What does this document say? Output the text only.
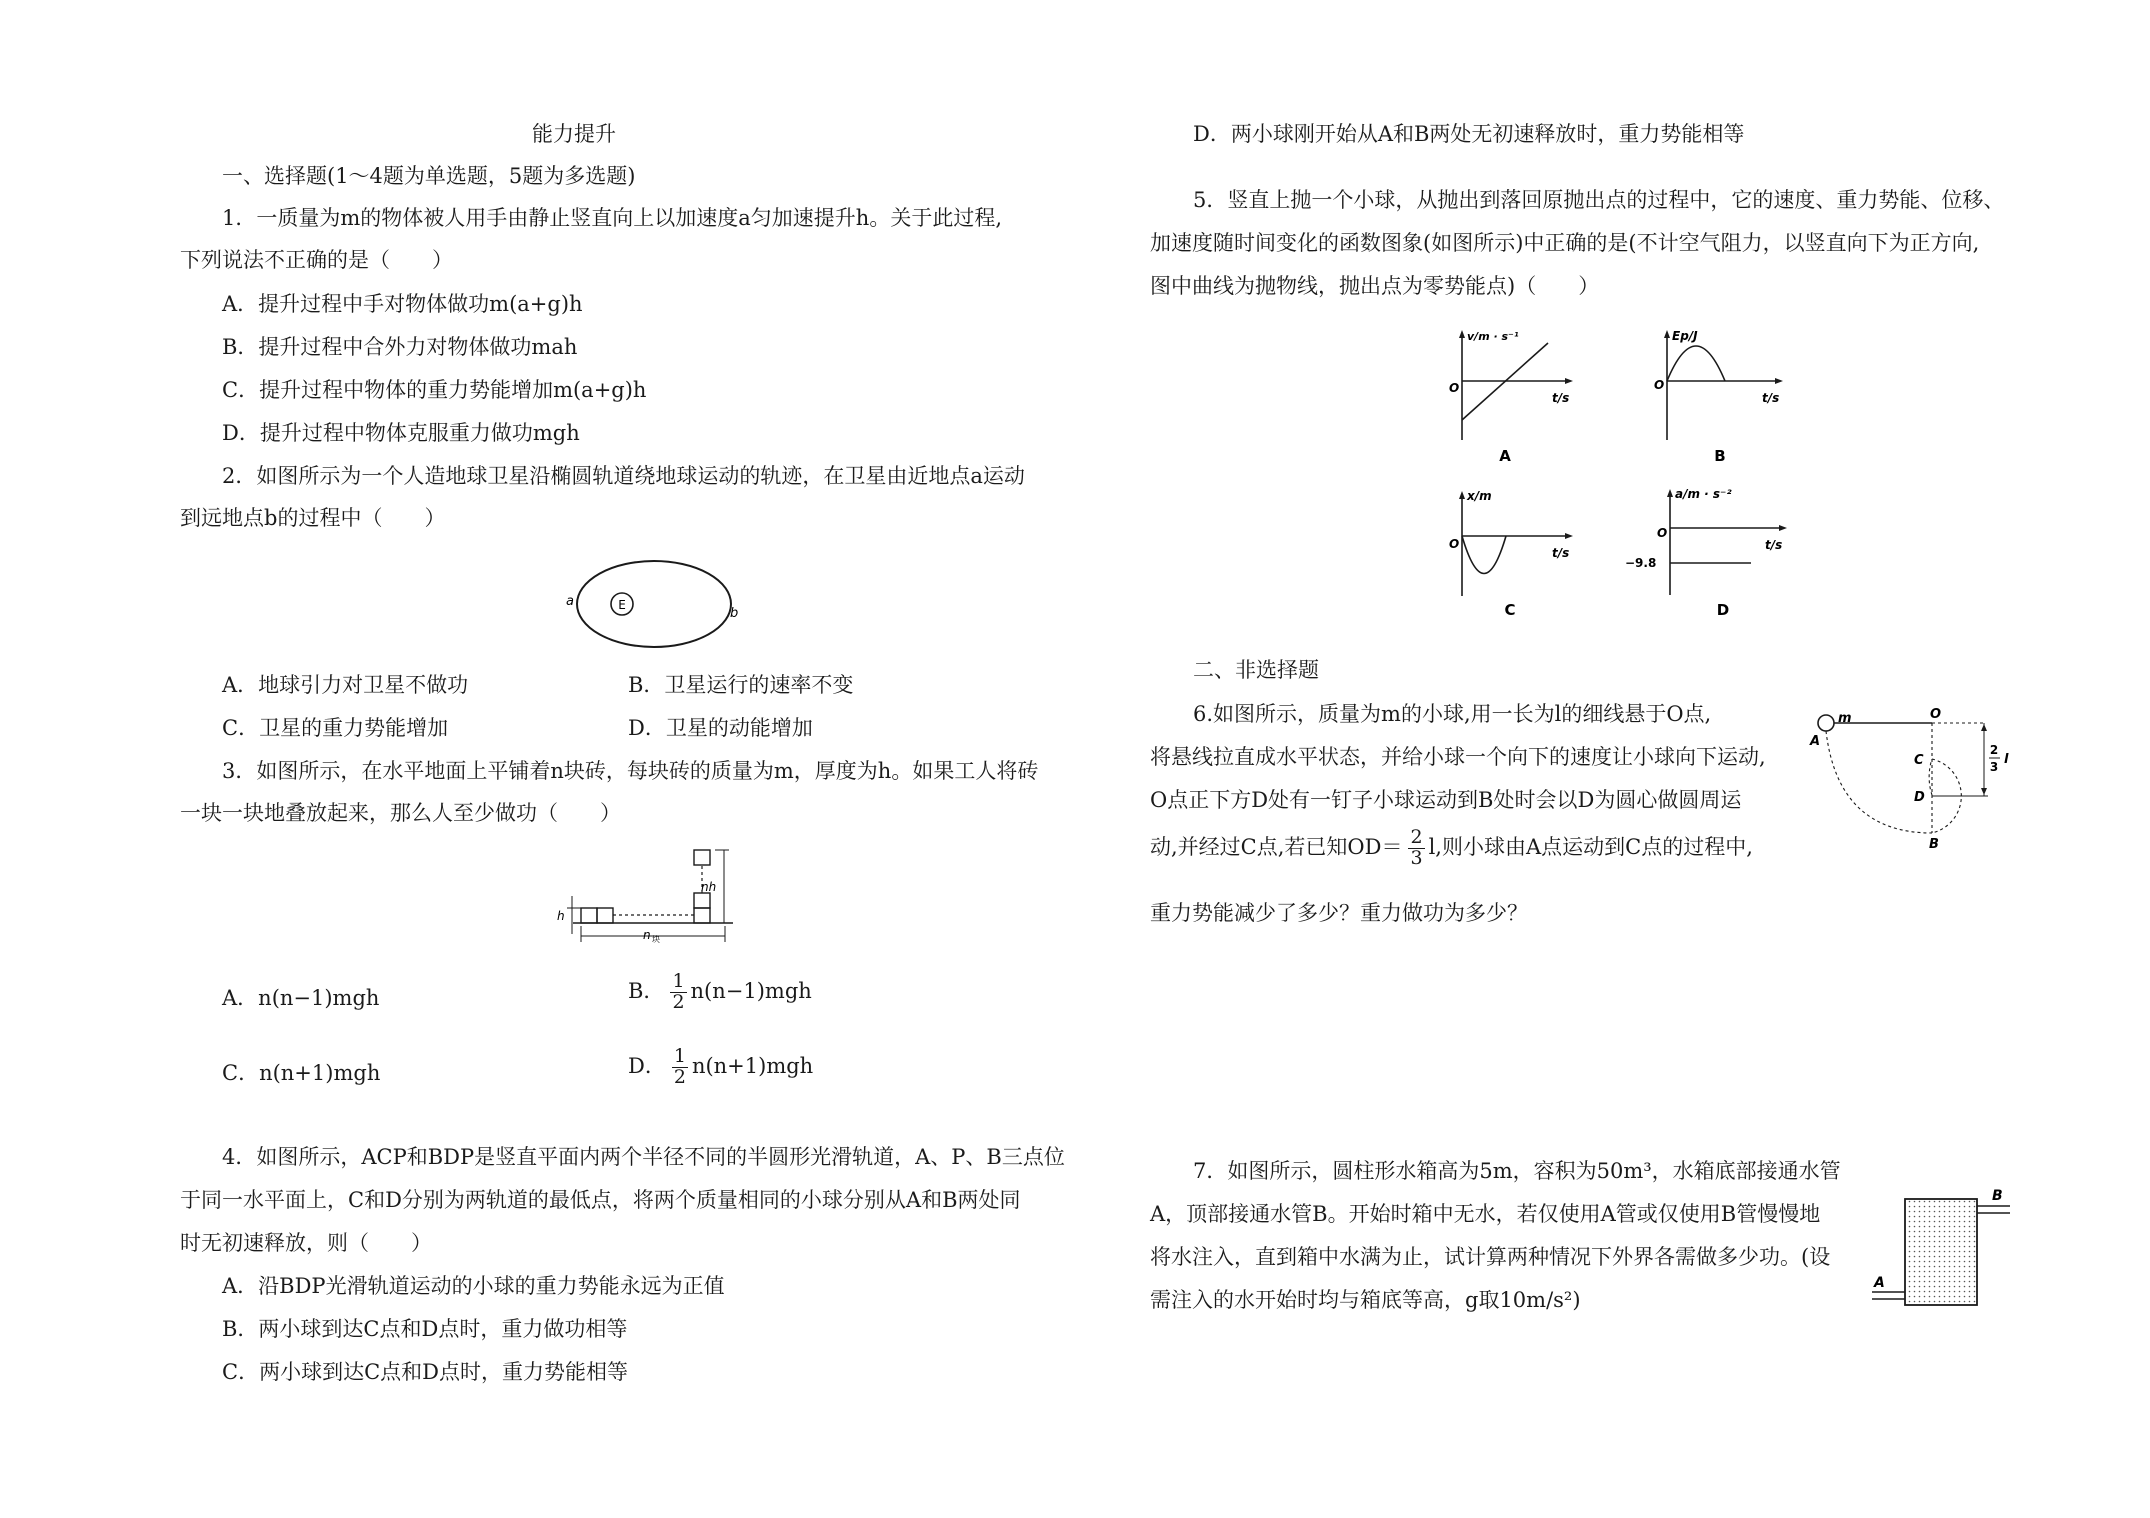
能力提升
一、选择题(1～4题为单选题，5题为多选题)
1．一质量为m的物体被人用手由静止竖直向上以加速度a匀加速提升h。关于此过程,
下列说法不正确的是（　　）
A．提升过程中手对物体做功m(a+g)h
B．提升过程中合外力对物体做功mah
C．提升过程中物体的重力势能增加m(a+g)h
D．提升过程中物体克服重力做功mgh
2．如图所示为一个人造地球卫星沿椭圆轨道绕地球运动的轨迹，在卫星由近地点a运动
到远地点b的过程中（　　）
E
a
b
A．地球引力对卫星不做功	B．卫星运行的速率不变
C．卫星的重力势能增加	D．卫星的动能增加
3．如图所示，在水平地面上平铺着n块砖，每块砖的质量为m，厚度为h。如果工人将砖
一块一块地叠放起来，那么人至少做功（　　）
nh
h
n 块
A．n(n−1)mgh	B． $\frac{1}{2} n(n-1)mgh$
C．n(n+1)mgh	D． $\frac{1}{2} n(n+1)mgh$
4．如图所示，ACP和BDP是竖直平面内两个半径不同的半圆形光滑轨道，A、P、B三点位
于同一水平面上，C和D分别为两轨道的最低点，将两个质量相同的小球分别从A和B两处同
时无初速释放，则（　　）
A．沿BDP光滑轨道运动的小球的重力势能永远为正值
B．两小球到达C点和D点时，重力做功相等
C．两小球到达C点和D点时，重力势能相等
D．两小球刚开始从A和B两处无初速释放时，重力势能相等
5．竖直上抛一个小球，从抛出到落回原抛出点的过程中，它的速度、重力势能、位移、
加速度随时间变化的函数图象(如图所示)中正确的是(不计空气阻力，以竖直向下为正方向,
图中曲线为抛物线，抛出点为零势能点)（　　）
v/m · s⁻¹
O
t/s
A
Ep/J
O
t/s
B
x/m
O
t/s
C
a/m · s⁻²
O
t/s
−9.8
D
二、非选择题
6.如图所示，质量为m的小球,用一长为l的细线悬于O点,
将悬线拉直成水平状态，并给小球一个向下的速度让小球向下运动,
O点正下方D处有一钉子小球运动到B处时会以D为圆心做圆周运
动,并经过C点,若已知$OD= \frac{2}{3} l$,则小球由A点运动到C点的过程中,
重力势能减少了多少？重力做功为多少？
m	O
A
C
D
B
2
3 l
7．如图所示，圆柱形水箱高为5m，容积为50m³，水箱底部接通水管
A，顶部接通水管B。开始时箱中无水，若仅使用A管或仅使用B管慢慢地
将水注入，直到箱中水满为止，试计算两种情况下外界各需做多少功。(设
需注入的水开始时均与箱底等高，g取10m/s²)
B
A
